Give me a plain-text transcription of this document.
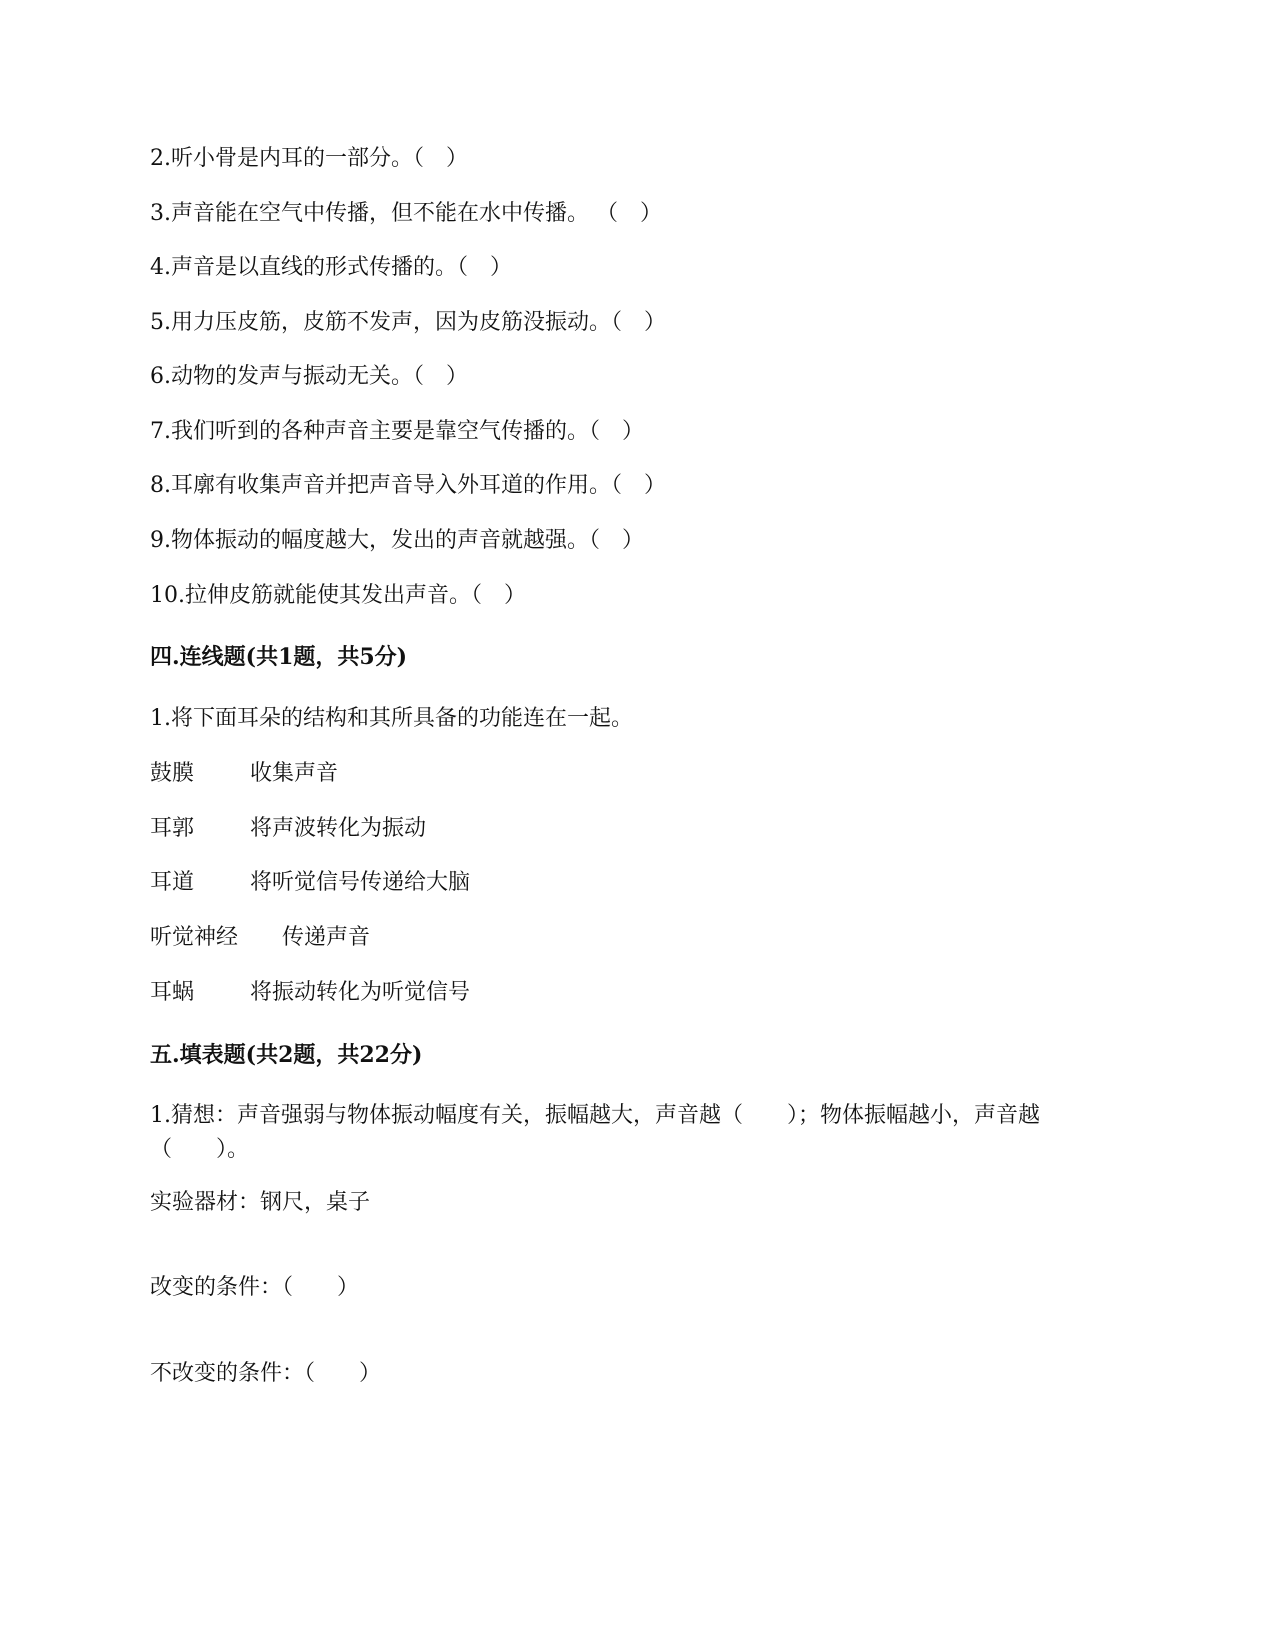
2.听小骨是内耳的一部分。（　）
3.声音能在空气中传播，但不能在水中传播。 （　）
4.声音是以直线的形式传播的。（　）
5.用力压皮筋，皮筋不发声，因为皮筋没振动。（　）
6.动物的发声与振动无关。（　）
7.我们听到的各种声音主要是靠空气传播的。（　）
8.耳廓有收集声音并把声音导入外耳道的作用。（　）
9.物体振动的幅度越大，发出的声音就越强。（　）
10.拉伸皮筋就能使其发出声音。（　）
四.连线题(共1题，共5分)
1.将下面耳朵的结构和其所具备的功能连在一起。
鼓膜	收集声音
耳郭	将声波转化为振动
耳道	将听觉信号传递给大脑
听觉神经 传递声音
耳蜗	将振动转化为听觉信号
五.填表题(共2题，共22分)
1.猜想：声音强弱与物体振动幅度有关，振幅越大，声音越（　　）；物体振幅越小，声音越（　　）。
实验器材：钢尺，桌子
改变的条件：（　　）
不改变的条件：（　　）
